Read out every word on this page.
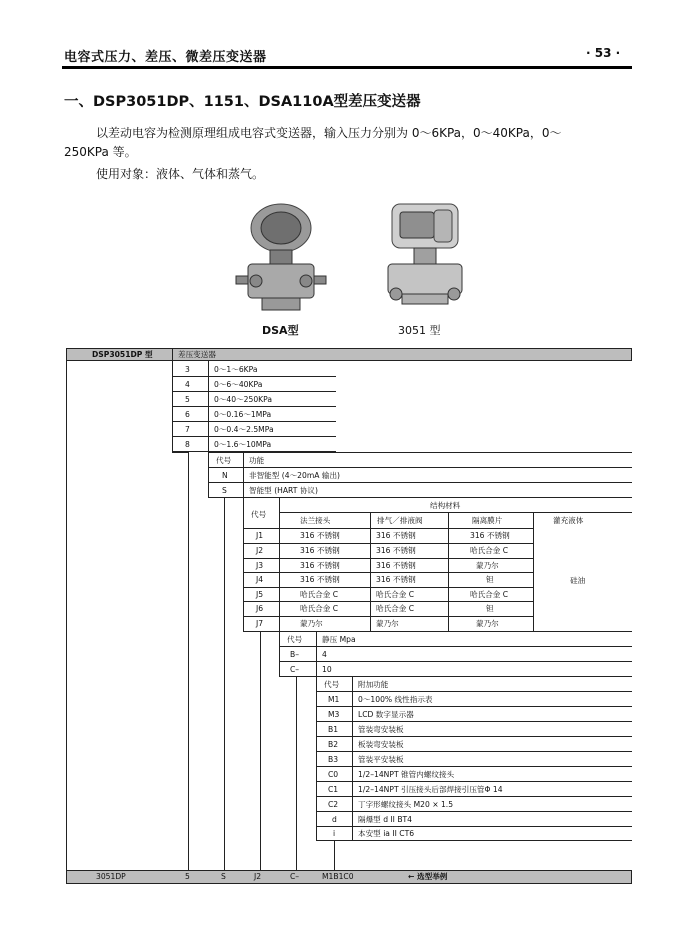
电容式压力、差压、微差压变送器	· 53 ·
一、DSP3051DP、1151、DSA110A型差压变送器
以差动电容为检测原理组成电容式变送器，输入压力分别为 0～6KPa，0～40KPa，0～
250KPa 等。
使用对象：液体、气体和蒸气。
DSA型	3051 型
DSP3051DP 型	差压变送器
3	0～1～6KPa
4	0～6～40KPa
5	0～40～250KPa
6	0～0.16～1MPa
7	0～0.4～2.5MPa
8	0～1.6～10MPa
代号 功能
N	非智能型 (4～20mA 输出)
S	智能型 (HART 协议)
结构材料
代号
法兰接头	排气／排液阀	隔离膜片	灌充液体
硅油
J1	316 不锈钢	316 不锈钢	316 不锈钢
J2	316 不锈钢	316 不锈钢	哈氏合金 C
J3	316 不锈钢	316 不锈钢	蒙乃尔
J4	316 不锈钢	316 不锈钢	钽
J5	哈氏合金 C	哈氏合金 C	哈氏合金 C
J6	哈氏合金 C	哈氏合金 C	钽
J7	蒙乃尔	蒙乃尔	蒙乃尔
代号	静压 Mpa
B–	4
C–	10
代号 附加功能
M1 0～100% 线性指示表
M3 LCD 数字显示器
B1	管装弯安装板
B2	板装弯安装板
B3	管装平安装板
C0	1/2–14NPT 锥管内螺纹接头
C1	1/2–14NPT 引压接头后部焊接引压管Φ 14
C2	丁字形螺纹接头 M20 × 1.5
d	隔爆型 d II BT4
i	本安型 ia II CT6
3051DP	5	S	J2	C–	M1B1C0	← 选型举例
